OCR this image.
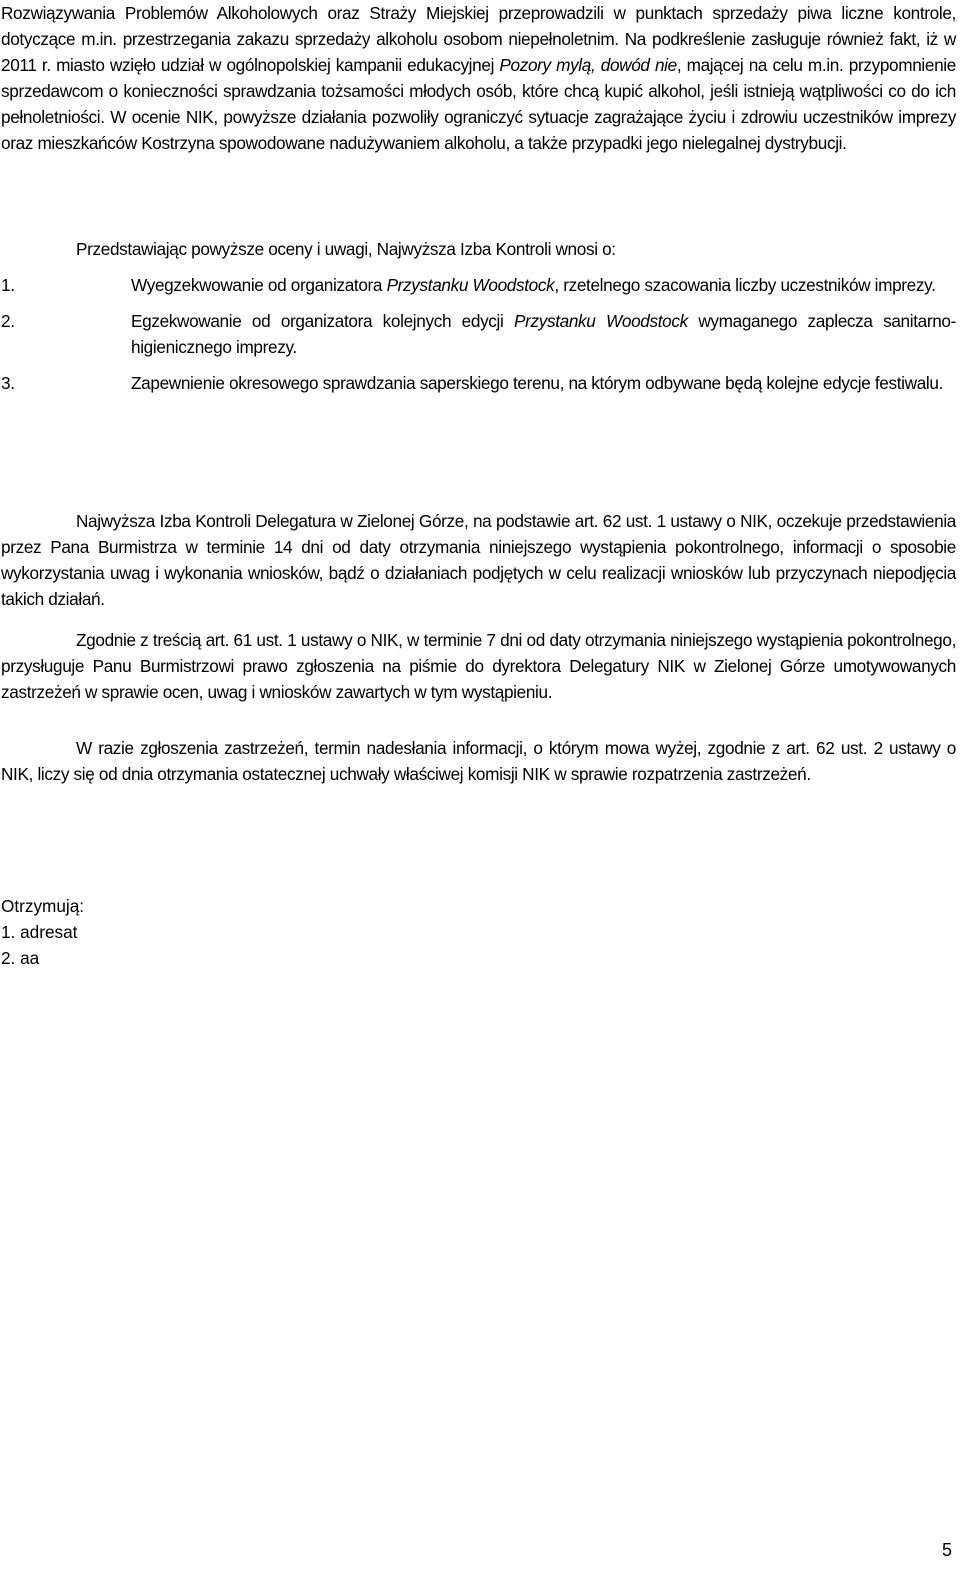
Rozwiązywania Problemów Alkoholowych oraz Straży Miejskiej przeprowadzili w punktach sprzedaży piwa liczne kontrole, dotyczące m.in. przestrzegania zakazu sprzedaży alkoholu osobom niepełnoletnim. Na podkreślenie zasługuje również fakt, iż w 2011 r. miasto wzięło udział w ogólnopolskiej kampanii edukacyjnej Pozory mylą, dowód nie, mającej na celu m.in. przypomnienie sprzedawcom o konieczności sprawdzania tożsamości młodych osób, które chcą kupić alkohol, jeśli istnieją wątpliwości co do ich pełnoletniości. W ocenie NIK, powyższe działania pozwoliły ograniczyć sytuacje zagrażające życiu i zdrowiu uczestników imprezy oraz mieszkańców Kostrzyna spowodowane nadużywaniem alkoholu, a także przypadki jego nielegalnej dystrybucji.

Przedstawiając powyższe oceny i uwagi, Najwyższa Izba Kontroli wnosi o:

1.	Wyegzekwowanie od organizatora Przystanku Woodstock, rzetelnego szacowania liczby uczestników imprezy.
2.	Egzekwowanie od organizatora kolejnych edycji Przystanku Woodstock wymaganego zaplecza sanitarno-higienicznego imprezy.
3.	Zapewnienie okresowego sprawdzania saperskiego terenu, na którym odbywane będą kolejne edycje festiwalu.

Najwyższa Izba Kontroli Delegatura w Zielonej Górze, na podstawie art. 62 ust. 1 ustawy o NIK, oczekuje przedstawienia przez Pana Burmistrza w terminie 14 dni od daty otrzymania niniejszego wystąpienia pokontrolnego, informacji o sposobie wykorzystania uwag i wykonania wniosków, bądź o działaniach podjętych w celu realizacji wniosków lub przyczynach niepodjęcia takich działań.

Zgodnie z treścią art. 61 ust. 1 ustawy o NIK, w terminie 7 dni od daty otrzymania niniejszego wystąpienia pokontrolnego, przysługuje Panu Burmistrzowi prawo zgłoszenia na piśmie do dyrektora Delegatury NIK w Zielonej Górze umotywowanych zastrzeżeń w sprawie ocen, uwag i wniosków zawartych w tym wystąpieniu.

W razie zgłoszenia zastrzeżeń, termin nadesłania informacji, o którym mowa wyżej, zgodnie z art. 62 ust. 2 ustawy o NIK, liczy się od dnia otrzymania ostatecznej uchwały właściwej komisji NIK w sprawie rozpatrzenia zastrzeżeń.

Otrzymują:
1. adresat
2. aa
5
